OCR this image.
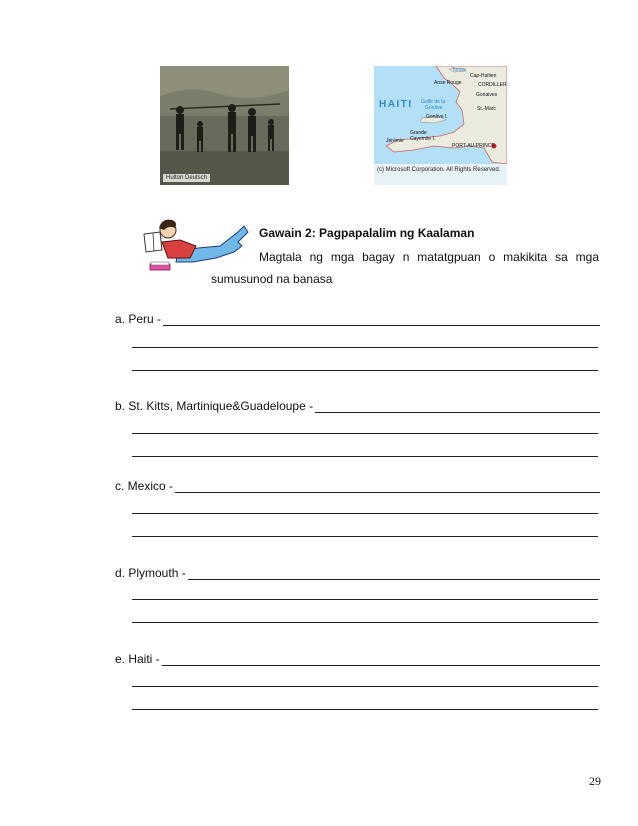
Hulton Deutsch
HAITI
Tortue
Cap-Haitien
Anse Rouge	CORDILLER
Gonaives
Golfe de la
Gonâve	St.-Marc
Gonâve I.
Grande
Cayemite I.
Jérémie
PORT-AU-PRINCE
(c) Microsoft Corporation. All Rights Reserved.
Gawain 2: Pagpapalalim ng Kaalaman
Magtala ng mga bagay n matatgpuan o makikita sa mga
sumusunod na banasa
a. Peru -
b. St. Kitts, Martinique&Guadeloupe -
c. Mexico -
d. Plymouth -
e. Haiti -
29
